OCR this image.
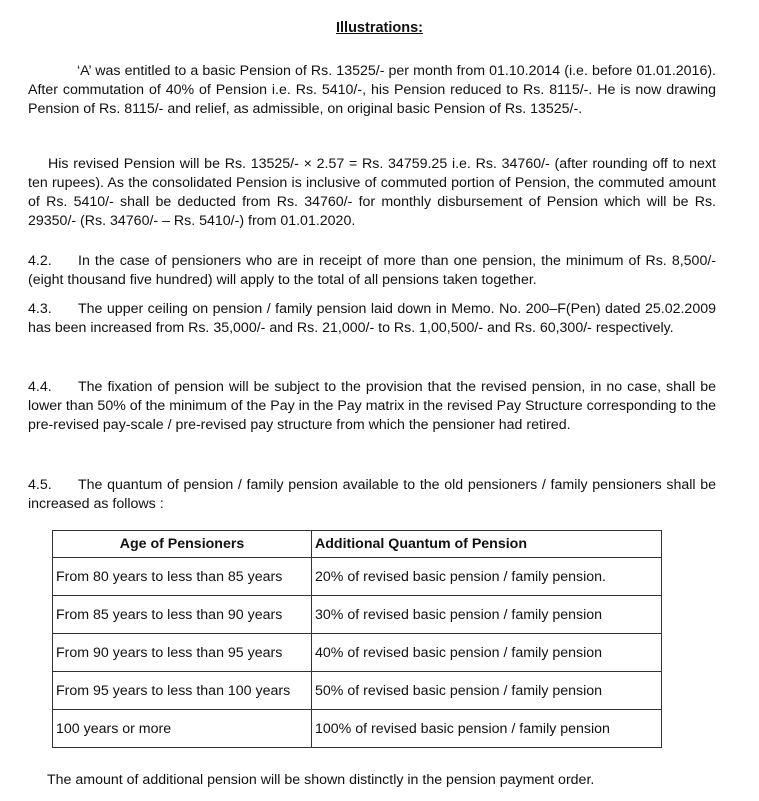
Illustrations:
‘A’ was entitled to a basic Pension of Rs. 13525/- per month from 01.10.2014 (i.e. before 01.01.2016). After commutation of 40% of Pension i.e. Rs. 5410/-, his Pension reduced to Rs. 8115/-. He is now drawing Pension of Rs. 8115/- and relief, as admissible, on original basic Pension of Rs. 13525/-.
His revised Pension will be Rs. 13525/- × 2.57 = Rs. 34759.25 i.e. Rs. 34760/- (after rounding off to next ten rupees). As the consolidated Pension is inclusive of commuted portion of Pension, the commuted amount of Rs. 5410/- shall be deducted from Rs. 34760/- for monthly disbursement of Pension which will be Rs. 29350/- (Rs. 34760/- – Rs. 5410/-) from 01.01.2020.
4.2. In the case of pensioners who are in receipt of more than one pension, the minimum of Rs. 8,500/- (eight thousand five hundred) will apply to the total of all pensions taken together.
4.3. The upper ceiling on pension / family pension laid down in Memo. No. 200–F(Pen) dated 25.02.2009 has been increased from Rs. 35,000/- and Rs. 21,000/- to Rs. 1,00,500/- and Rs. 60,300/- respectively.
4.4. The fixation of pension will be subject to the provision that the revised pension, in no case, shall be lower than 50% of the minimum of the Pay in the Pay matrix in the revised Pay Structure corresponding to the pre-revised pay-scale / pre-revised pay structure from which the pensioner had retired.
4.5. The quantum of pension / family pension available to the old pensioners / family pensioners shall be increased as follows :
Age of Pensioners	Additional Quantum of Pension
From 80 years to less than 85 years	20% of revised basic pension / family pension.
From 85 years to less than 90 years	30% of revised basic pension / family pension
From 90 years to less than 95 years	40% of revised basic pension / family pension
From 95 years to less than 100 years	50% of revised basic pension / family pension
100 years or more	100% of revised basic pension / family pension
The amount of additional pension will be shown distinctly in the pension payment order.
